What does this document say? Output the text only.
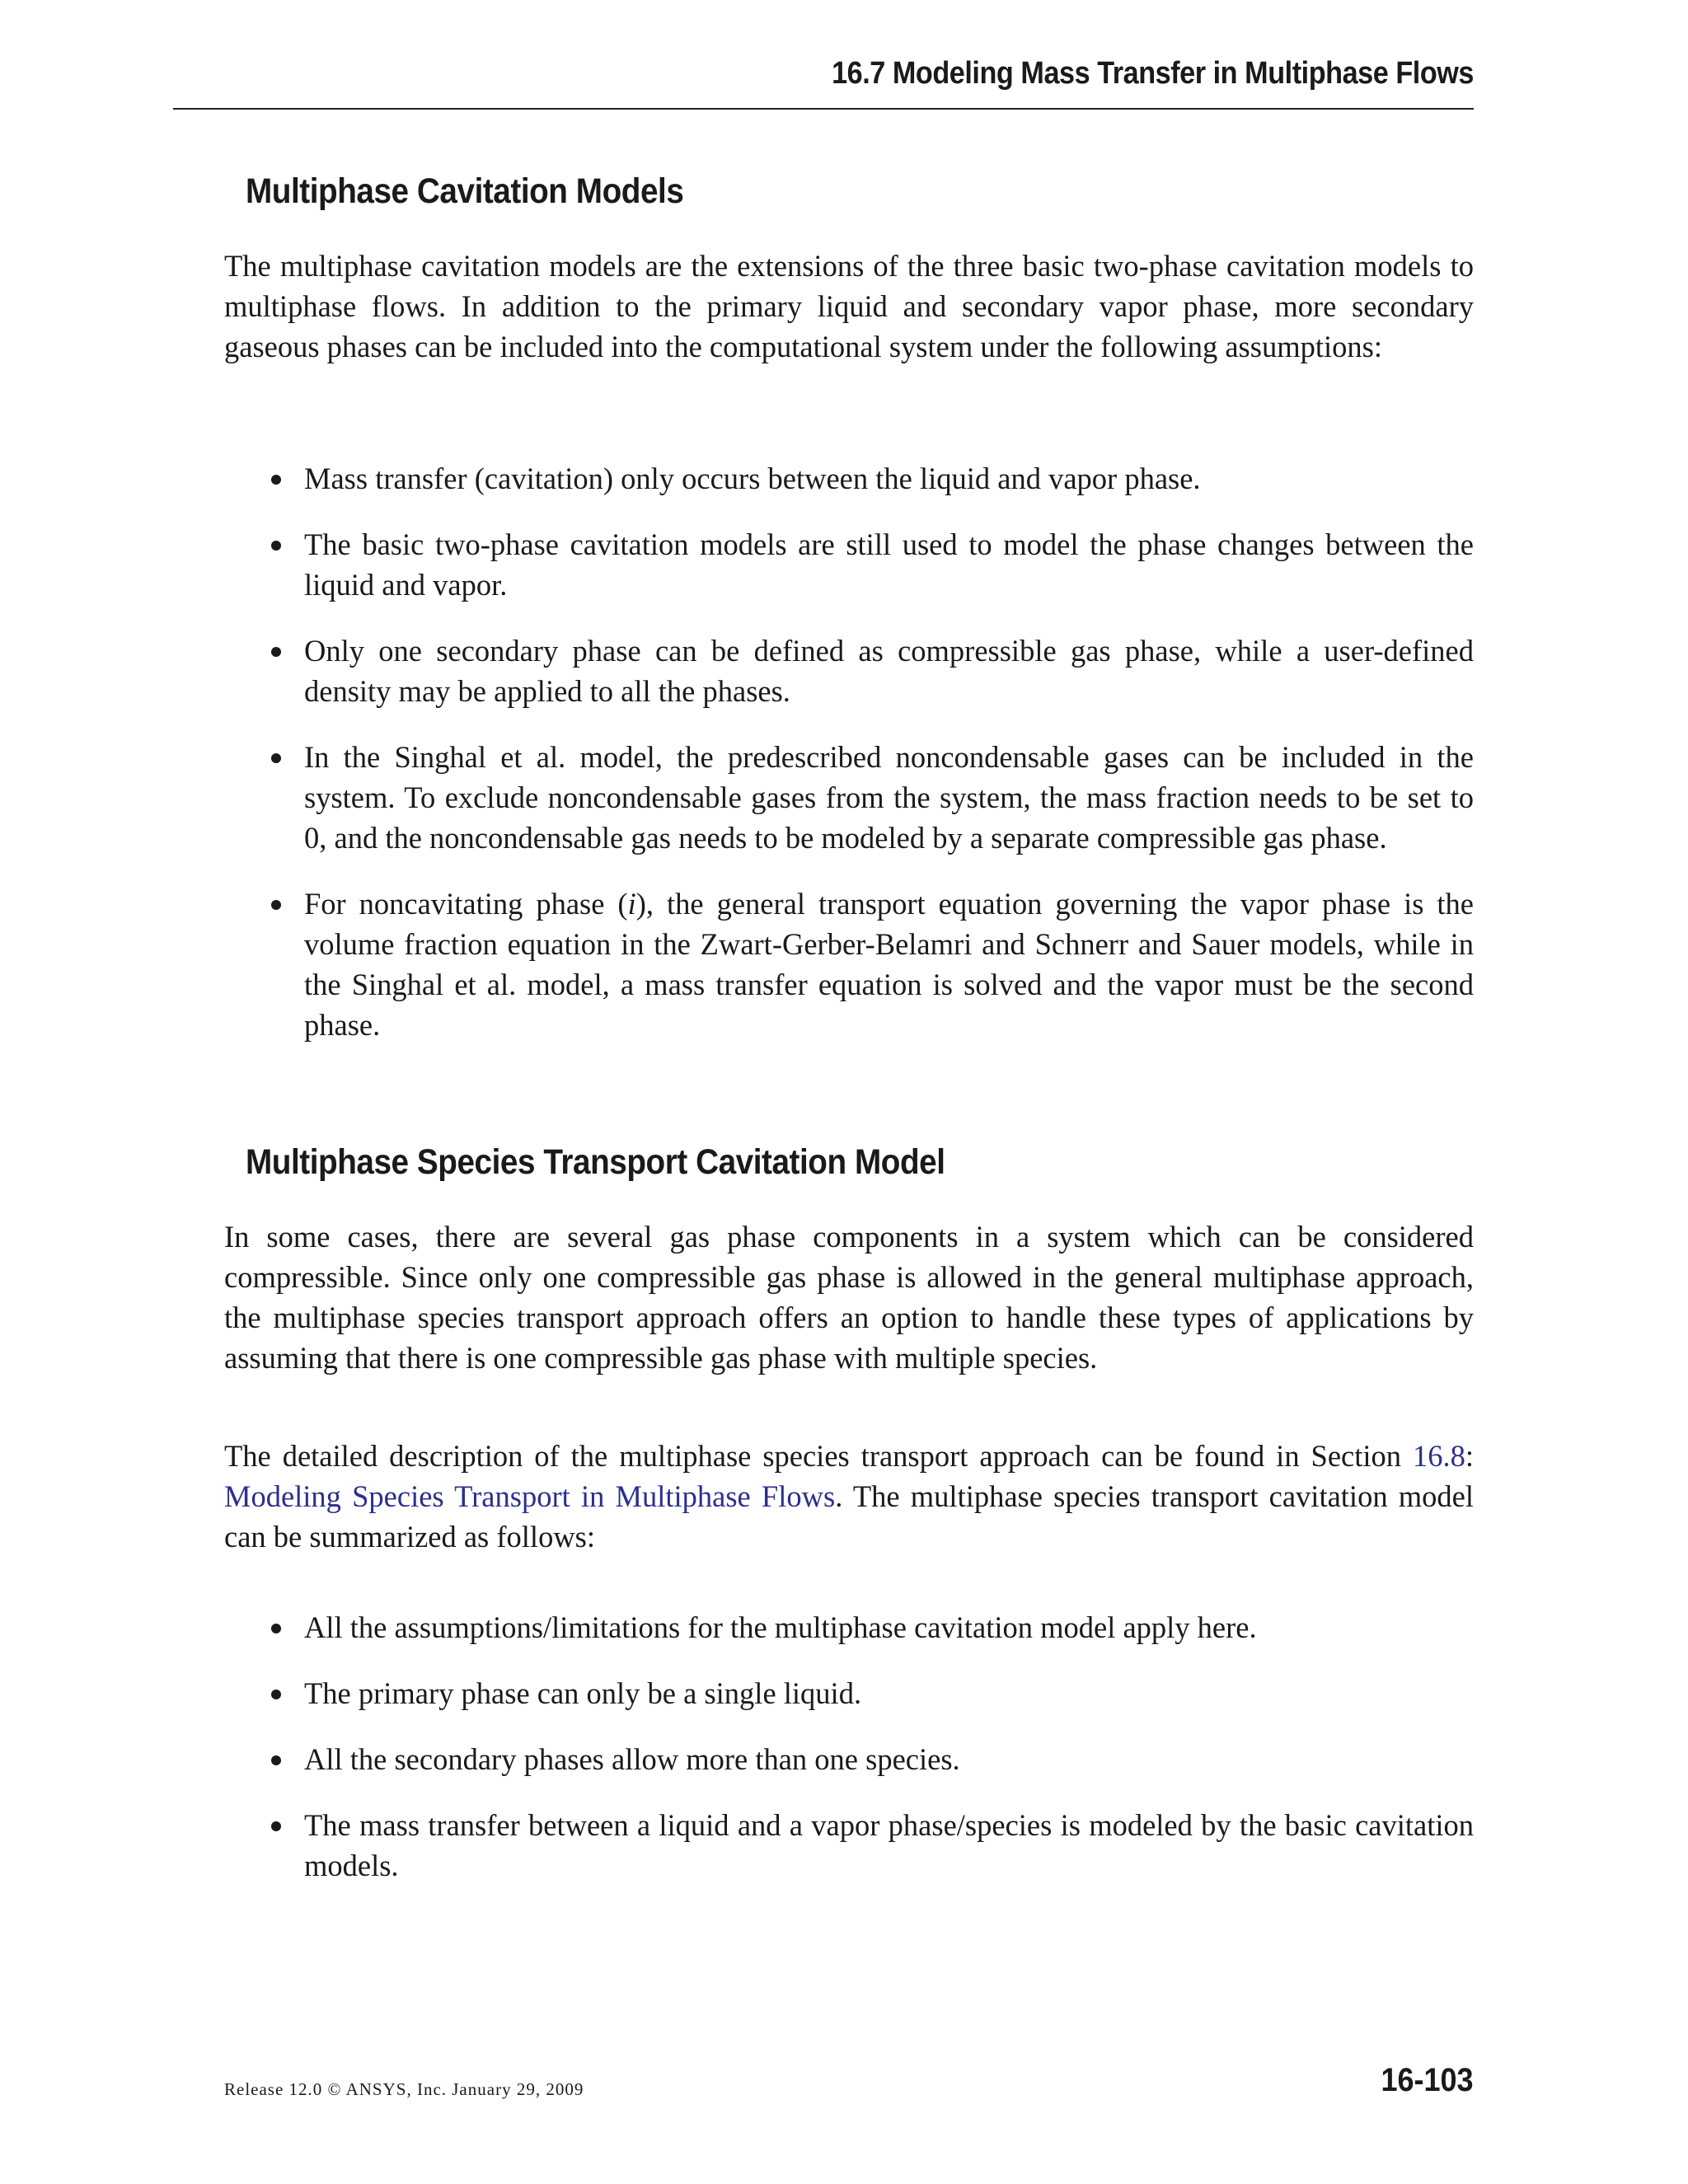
16.7 Modeling Mass Transfer in Multiphase Flows
Multiphase Cavitation Models

The multiphase cavitation models are the extensions of the three basic two-phase cavitation models to multiphase flows. In addition to the primary liquid and secondary vapor phase, more secondary gaseous phases can be included into the computational system under the following assumptions:

Mass transfer (cavitation) only occurs between the liquid and vapor phase.
The basic two-phase cavitation models are still used to model the phase changes between the liquid and vapor.
Only one secondary phase can be defined as compressible gas phase, while a user-defined density may be applied to all the phases.
In the Singhal et al. model, the predescribed noncondensable gases can be included in the system. To exclude noncondensable gases from the system, the mass fraction needs to be set to 0, and the noncondensable gas needs to be modeled by a separate compressible gas phase.
For noncavitating phase (i), the general transport equation governing the vapor phase is the volume fraction equation in the Zwart-Gerber-Belamri and Schnerr and Sauer models, while in the Singhal et al. model, a mass transfer equation is solved and the vapor must be the second phase.
Multiphase Species Transport Cavitation Model

In some cases, there are several gas phase components in a system which can be considered compressible. Since only one compressible gas phase is allowed in the general multiphase approach, the multiphase species transport approach offers an option to handle these types of applications by assuming that there is one compressible gas phase with multiple species.

The detailed description of the multiphase species transport approach can be found in Section 16.8: Modeling Species Transport in Multiphase Flows. The multiphase species transport cavitation model can be summarized as follows:

All the assumptions/limitations for the multiphase cavitation model apply here.
The primary phase can only be a single liquid.
All the secondary phases allow more than one species.
The mass transfer between a liquid and a vapor phase/species is modeled by the basic cavitation models.
Release 12.0 © ANSYS, Inc. January 29, 2009	16-103
